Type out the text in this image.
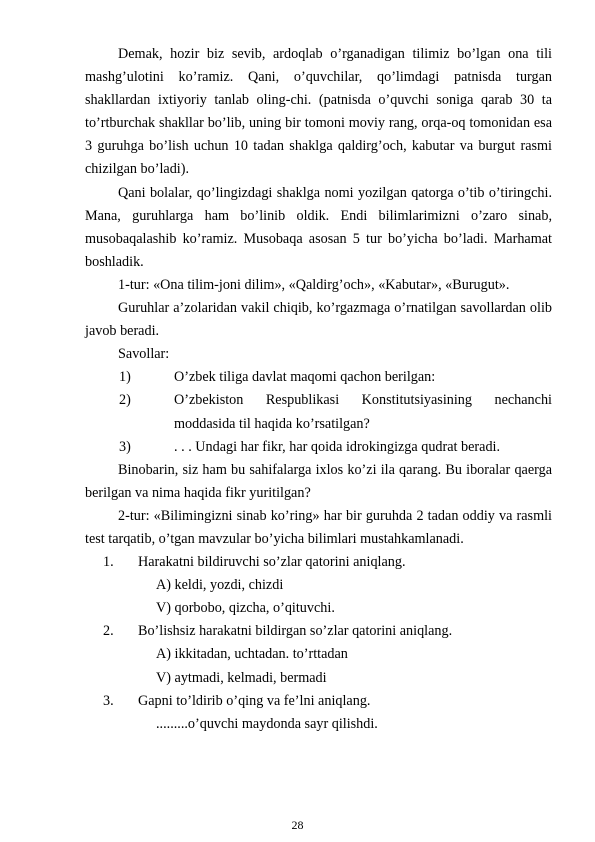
Demak, hozir biz sevib, ardoqlab o’rganadigan tilimiz bo’lgan ona tili mashg’ulotini ko’ramiz. Qani, o’quvchilar, qo’limdagi patnisda turgan shakllardan ixtiyoriy tanlab oling-chi. (patnisda o’quvchi soniga qarab 30 ta to’rtburchak shakllar bo’lib, uning bir tomoni moviy rang, orqa-oq tomonidan esa 3 guruhga bo’lish uchun 10 tadan shaklga qaldirg’och, kabutar va burgut rasmi chizilgan bo’ladi).

Qani bolalar, qo’lingizdagi shaklga nomi yozilgan qatorga o’tib o’tiringchi. Mana, guruhlarga ham bo’linib oldik. Endi bilimlarimizni o’zaro sinab, musobaqalashib ko’ramiz. Musobaqa asosan 5 tur bo’yicha bo’ladi. Marhamat boshladik.

1-tur: «Ona tilim-joni dilim», «Qaldirg’och», «Kabutar», «Burugut».

Guruhlar a’zolaridan vakil chiqib, ko’rgazmaga o’rnatilgan savollardan olib javob beradi.

Savollar:

1)	O’zbek tiliga davlat maqomi qachon berilgan:
2)	O’zbekiston Respublikasi Konstitutsiyasining nechanchi moddasida til haqida ko’rsatilgan?
3)	. . . Undagi har fikr, har qoida idrokingizga qudrat beradi.

Binobarin, siz ham bu sahifalarga ixlos ko’zi ila qarang. Bu iboralar qaerga berilgan va nima haqida fikr yuritilgan?

2-tur: «Bilimingizni sinab ko’ring» har bir guruhda 2 tadan oddiy va rasmli test tarqatib, o’tgan mavzular bo’yicha bilimlari mustahkamlanadi.

1. Harakatni bildiruvchi so’zlar qatorini aniqlang.

A) keldi, yozdi, chizdi

V) qorbobo, qizcha, o’qituvchi.

2. Bo’lishsiz harakatni bildirgan so’zlar qatorini aniqlang.

A) ikkitadan, uchtadan. to’rttadan

V) aytmadi, kelmadi, bermadi

3. Gapni to’ldirib o’qing va fe’lni aniqlang.

.........o’quvchi maydonda sayr qilishdi.

28
